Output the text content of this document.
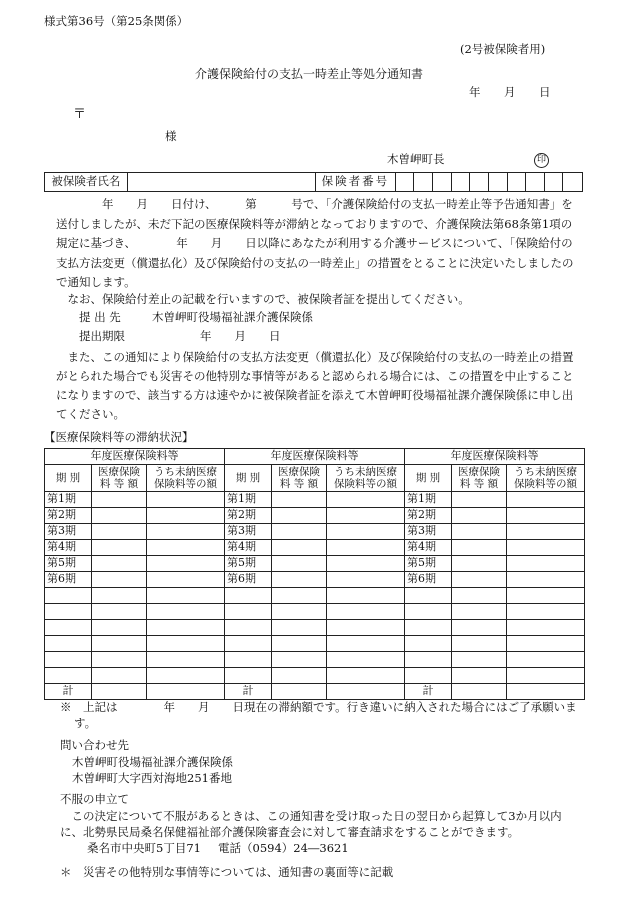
様式第36号（第25条関係）
(2号被保険者用)
介護保険給付の支払一時差止等処分通知書
年 月 日
〒
様
木曽岬町長	印
被保険者氏名	保険者番号
　　　　年　　月　　日付け、　　　第　　　号で、「介護保険給付の支払一時差止等予告通知書」を送付しましたが、未だ下記の医療保険料等が滞納となっておりますので、介護保険法第68条第1項の規定に基づき、　　　　年　　月　　日以降にあなたが利用する介護サービスについて、「保険給付の支払方法変更（償還払化）及び保険給付の支払の一時差止」の措置をとることに決定いたしましたので通知します。
　なお、保険給付差止の記載を行いますので、被保険者証を提出してください。
提 出 先	木曽岬町役場福祉課介護保険係
提出期限	年　　月　　日
　また、この通知により保険給付の支払方法変更（償還払化）及び保険給付の支払の一時差止の措置がとられた場合でも災害その他特別な事情等があると認められる場合には、この措置を中止することになりますので、該当する方は速やかに被保険者証を添えて木曽岬町役場福祉課介護保険係に申し出てください。
【医療保険料等の滞納状況】
年度医療保険料等			年度医療保険料等			年度医療保険料等		
期 別	医療保険料 等 額	うち未納医療保険料等の額	期 別	医療保険料 等 額	うち未納医療保険料等の額	期 別	医療保険料 等 額	うち未納医療保険料等の額
第1期			第1期			第1期		
第2期			第2期			第2期		
第3期			第3期			第3期		
第4期			第4期			第4期		
第5期			第5期			第5期		
第6期			第6期			第6期		

計			計			計		
※　上記は　　　　年　　月　　日現在の滞納額です。行き違いに納入された場合にはご了承願います。
問い合わせ先
木曽岬町役場福祉課介護保険係
木曽岬町大字西対海地251番地
不服の申立て
　この決定について不服があるときは、この通知書を受け取った日の翌日から起算して3か月以内に、北勢県民局桑名保健福祉部介護保険審査会に対して審査請求をすることができます。
桑名市中央町5丁目71 電話（0594）24―3621
＊　災害その他特別な事情等については、通知書の裏面等に記載
